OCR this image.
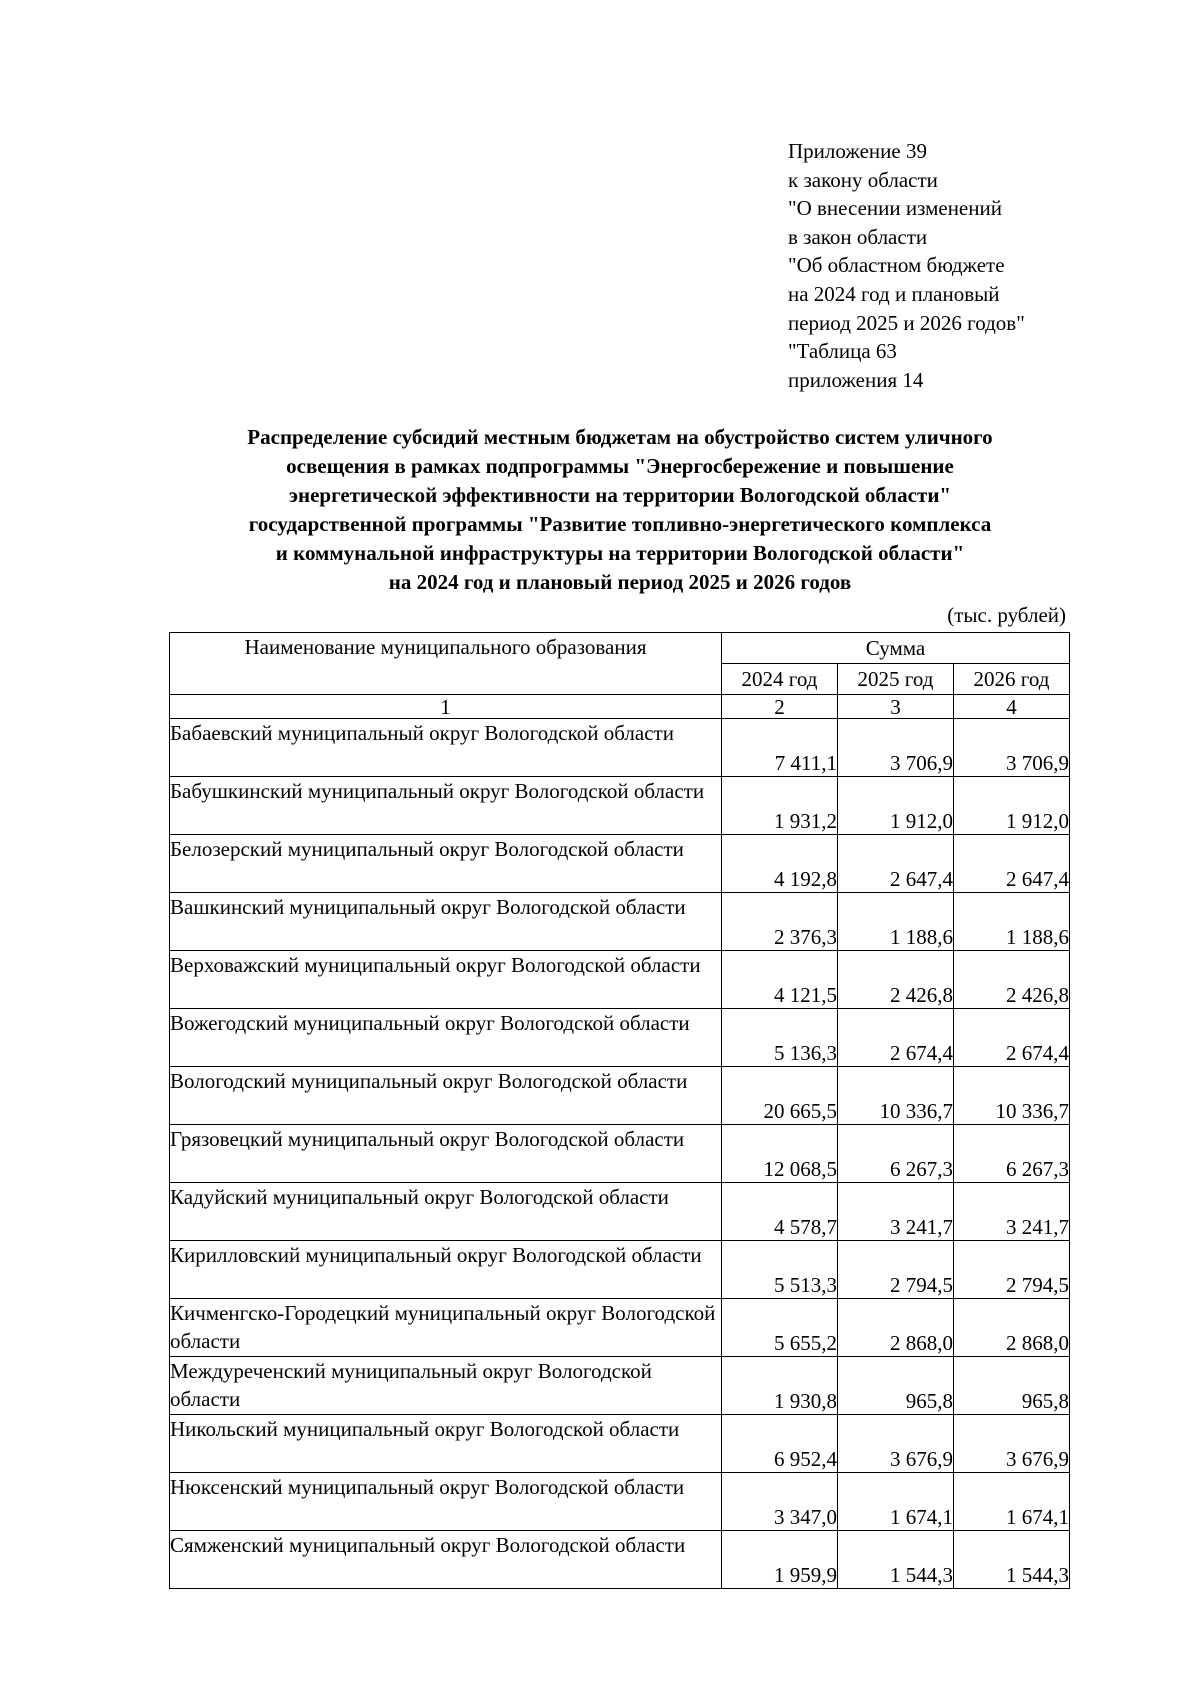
Приложение 39
к закону области
"О внесении изменений
в закон области
"Об областном бюджете
на 2024 год и плановый
период 2025 и 2026 годов"
"Таблица 63
приложения 14
Распределение субсидий местным бюджетам на обустройство систем уличного
освещения в рамках подпрограммы "Энергосбережение и повышение
энергетической эффективности на территории Вологодской области"
государственной программы "Развитие топливно-энергетического комплекса
и коммунальной инфраструктуры на территории Вологодской области"
на 2024 год и плановый период 2025 и 2026 годов
(тыс. рублей)
Наименование муниципального образования	Сумма		
	2024 год	2025 год	2026 год
1	2	3	4
Бабаевский муниципальный округ Вологодской области	7 411,1	3 706,9	3 706,9
Бабушкинский муниципальный округ Вологодской области	1 931,2	1 912,0	1 912,0
Белозерский муниципальный округ Вологодской области	4 192,8	2 647,4	2 647,4
Вашкинский муниципальный округ Вологодской области	2 376,3	1 188,6	1 188,6
Верховажский муниципальный округ Вологодской области	4 121,5	2 426,8	2 426,8
Вожегодский муниципальный округ Вологодской области	5 136,3	2 674,4	2 674,4
Вологодский муниципальный округ Вологодской области	20 665,5	10 336,7	10 336,7
Грязовецкий муниципальный округ Вологодской области	12 068,5	6 267,3	6 267,3
Кадуйский муниципальный округ Вологодской области	4 578,7	3 241,7	3 241,7
Кирилловский муниципальный округ Вологодской области	5 513,3	2 794,5	2 794,5
Кичменгско-Городецкий муниципальный округ Вологодской области	5 655,2	2 868,0	2 868,0
Междуреченский муниципальный округ Вологодской области	1 930,8	965,8	965,8
Никольский муниципальный округ Вологодской области	6 952,4	3 676,9	3 676,9
Нюксенский муниципальный округ Вологодской области	3 347,0	1 674,1	1 674,1
Сямженский муниципальный округ Вологодской области	1 959,9	1 544,3	1 544,3
